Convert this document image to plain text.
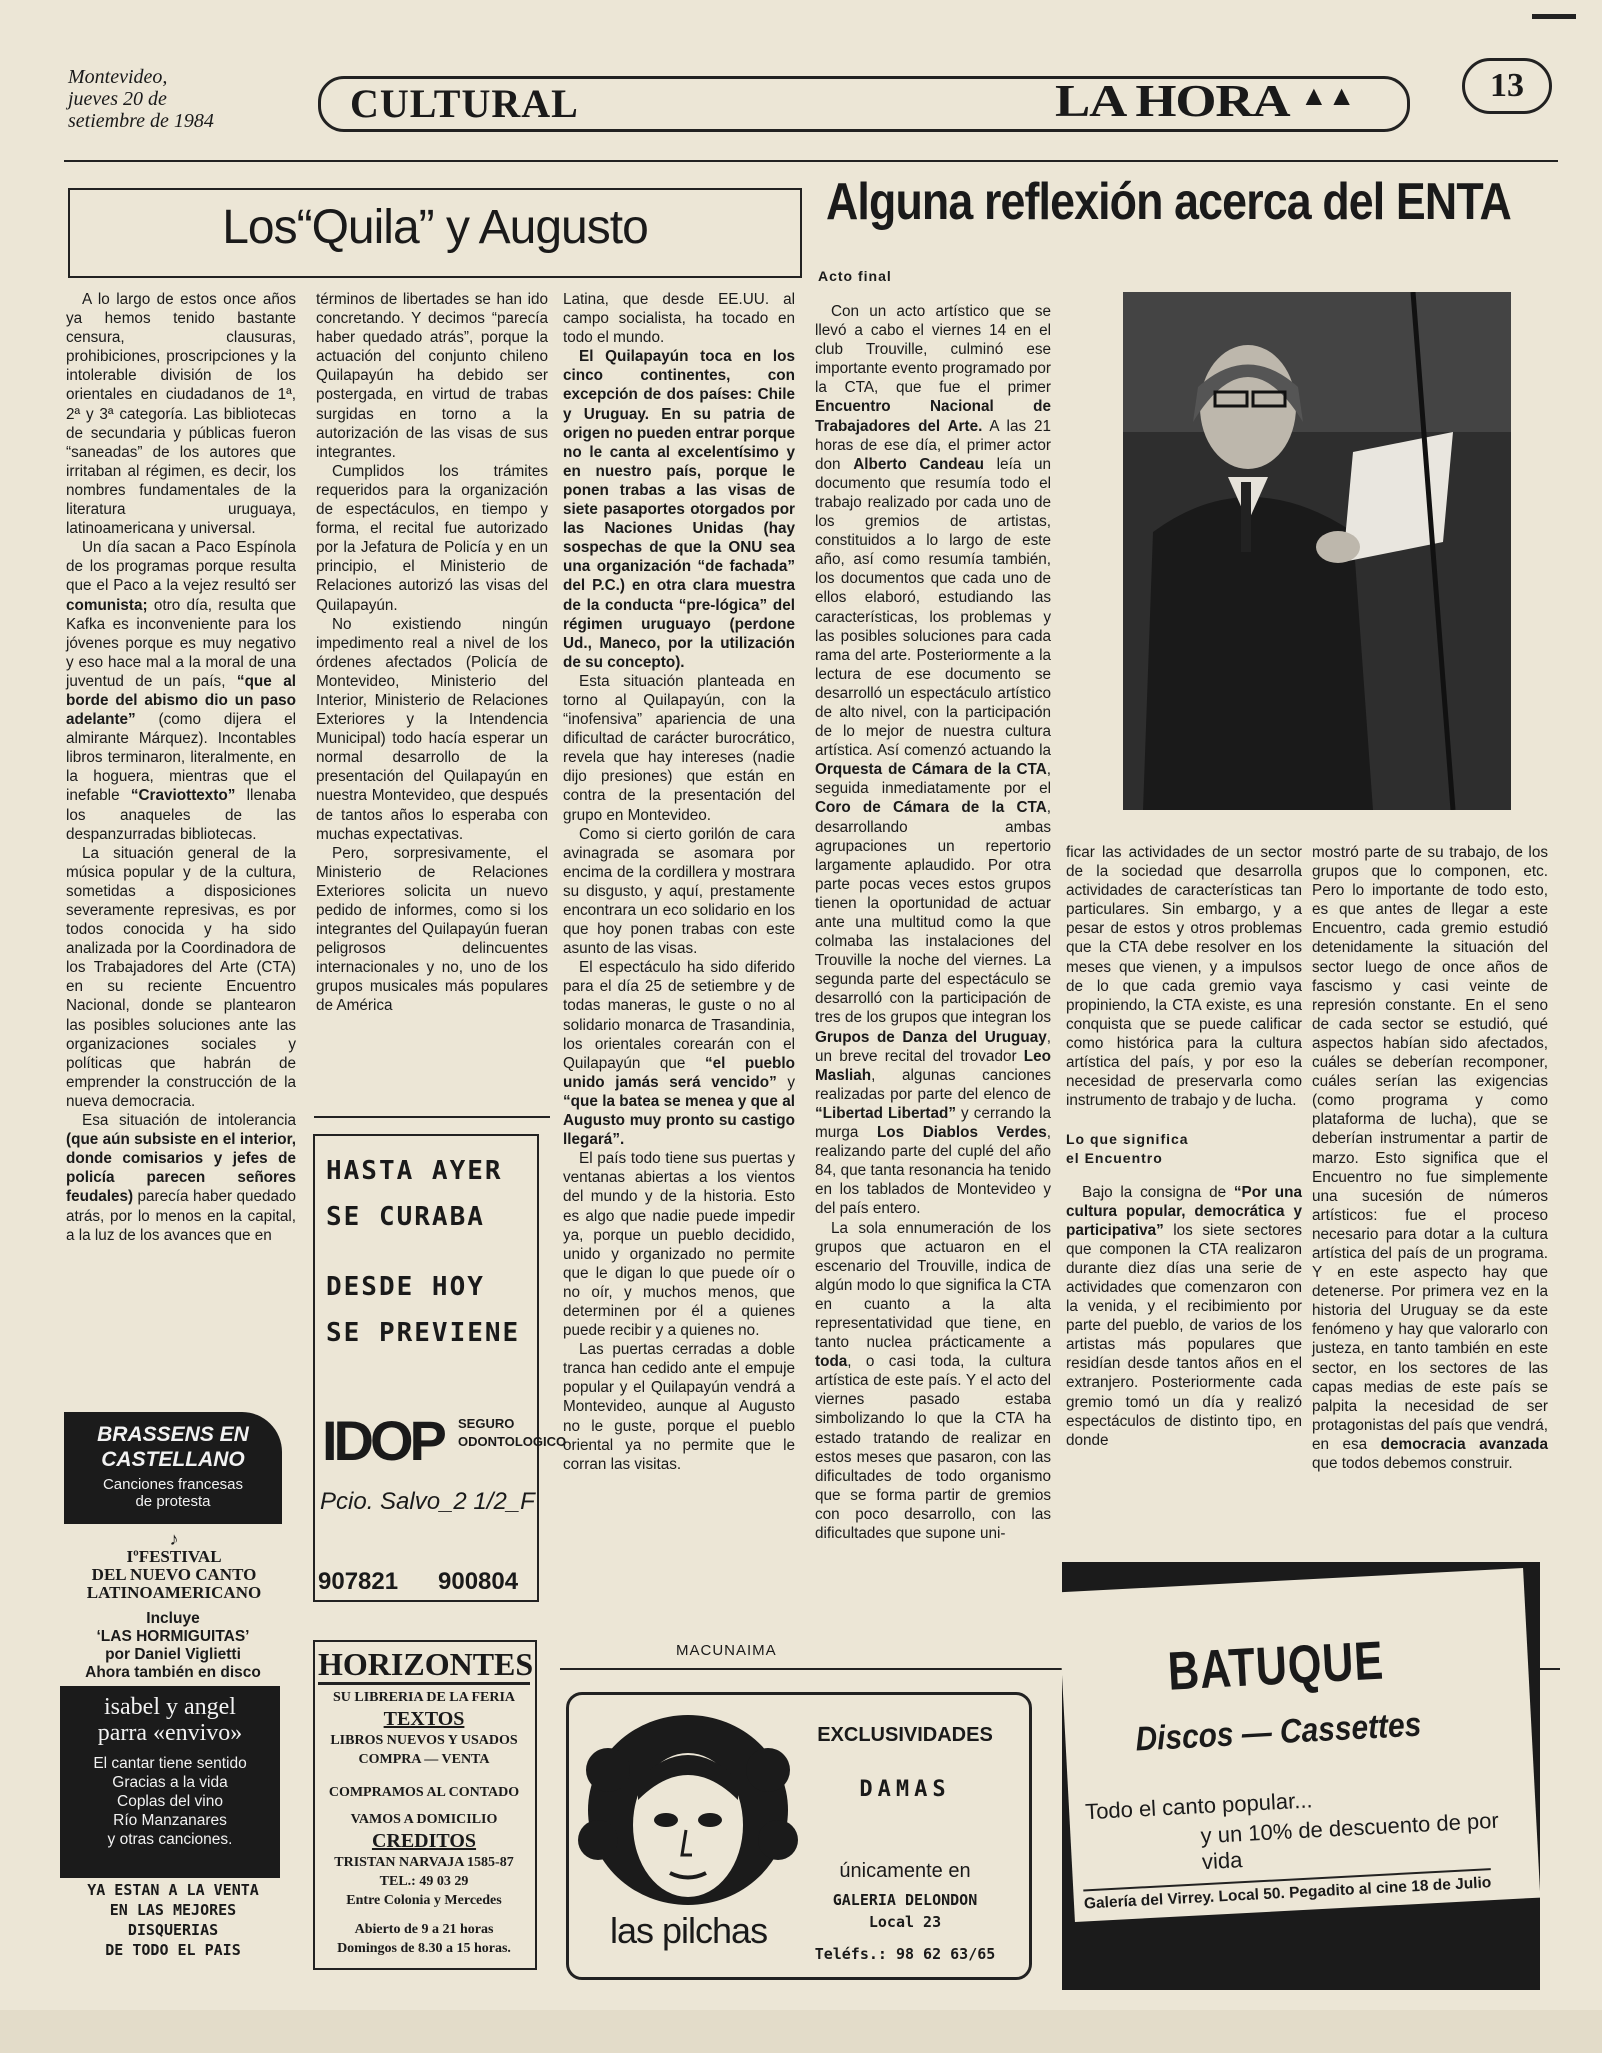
Montevideo,
jueves 20 de
setiembre de 1984	CULTURAL	LA HORA ▲▲	13
Los“Quila” y Augusto

A lo largo de estos once años ya hemos tenido bastante censura, clausuras, prohibiciones, proscripciones y la intolerable división de los orientales en ciudadanos de 1ª, 2ª y 3ª categoría. Las bibliotecas de secundaria y públicas fueron “saneadas” de los autores que irritaban al régimen, es decir, los nombres fundamentales de la literatura uruguaya, latinoamericana y universal.

Un día sacan a Paco Espínola de los programas porque resulta que el Paco a la vejez resultó ser comunista; otro día, resulta que Kafka es inconveniente para los jóvenes porque es muy negativo y eso hace mal a la moral de una juventud de un país, “que al borde del abismo dio un paso adelante” (como dijera el almirante Márquez). Incontables libros terminaron, literalmente, en la hoguera, mientras que el inefable “Craviottexto” llenaba los anaqueles de las despanzurradas bibliotecas.

La situación general de la música popular y de la cultura, sometidas a disposiciones severamente represivas, es por todos conocida y ha sido analizada por la Coordinadora de los Trabajadores del Arte (CTA) en su reciente Encuentro Nacional, donde se plantearon las posibles soluciones ante las organizaciones sociales y políticas que habrán de emprender la construcción de la nueva democracia.

Esa situación de intolerancia (que aún subsiste en el interior, donde comisarios y jefes de policía parecen señores feudales) parecía haber quedado atrás, por lo menos en la capital, a la luz de los avances que en

términos de libertades se han ido concretando. Y decimos “parecía haber quedado atrás”, porque la actuación del conjunto chileno Quilapayún ha debido ser postergada, en virtud de trabas surgidas en torno a la autorización de las visas de sus integrantes.

Cumplidos los trámites requeridos para la organización de espectáculos, en tiempo y forma, el recital fue autorizado por la Jefatura de Policía y en un principio, el Ministerio de Relaciones autorizó las visas del Quilapayún.

No existiendo ningún impedimento real a nivel de los órdenes afectados (Policía de Montevideo, Ministerio del Interior, Ministerio de Relaciones Exteriores y la Intendencia Municipal) todo hacía esperar un normal desarrollo de la presentación del Quilapayún en nuestra Montevideo, que después de tantos años lo esperaba con muchas expectativas.

Pero, sorpresivamente, el Ministerio de Relaciones Exteriores solicita un nuevo pedido de informes, como si los integrantes del Quilapayún fueran peligrosos delincuentes internacionales y no, uno de los grupos musicales más populares de América

Latina, que desde EE.UU. al campo socialista, ha tocado en todo el mundo.

El Quilapayún toca en los cinco continentes, con excepción de dos países: Chile y Uruguay. En su patria de origen no pueden entrar porque no le canta al excelentísimo y en nuestro país, porque le ponen trabas a las visas de siete pasaportes otorgados por las Naciones Unidas (hay sospechas de que la ONU sea una organización “de fachada” del P.C.) en otra clara muestra de la conducta “pre-lógica” del régimen uruguayo (perdone Ud., Maneco, por la utilización de su concepto).

Esta situación planteada en torno al Quilapayún, con la “inofensiva” apariencia de una dificultad de carácter burocrático, revela que hay intereses (nadie dijo presiones) que están en contra de la presentación del grupo en Montevideo.

Como si cierto gorilón de cara avinagrada se asomara por encima de la cordillera y mostrara su disgusto, y aquí, prestamente encontrara un eco solidario en los que hoy ponen trabas con este asunto de las visas.

El espectáculo ha sido diferido para el día 25 de setiembre y de todas maneras, le guste o no al solidario monarca de Trasandinia, los orientales corearán con el Quilapayún que “el pueblo unido jamás será vencido” y “que la batea se menea y que al Augusto muy pronto su castigo llegará”.

El país todo tiene sus puertas y ventanas abiertas a los vientos del mundo y de la historia. Esto es algo que nadie puede impedir ya, porque un pueblo decidido, unido y organizado no permite que le digan lo que puede oír o no oír, y muchos menos, que determinen por él a quienes puede recibir y a quienes no.

Las puertas cerradas a doble tranca han cedido ante el empuje popular y el Quilapayún vendrá a Montevideo, aunque al Augusto no le guste, porque el pueblo oriental ya no permite que le corran las visitas.

MACUNAIMA
Alguna reflexión acerca del ENTA
Acto final

Con un acto artístico que se llevó a cabo el viernes 14 en el club Trouville, culminó ese importante evento programado por la CTA, que fue el primer Encuentro Nacional de Trabajadores del Arte. A las 21 horas de ese día, el primer actor don Alberto Candeau leía un documento que resumía todo el trabajo realizado por cada uno de los gremios de artistas, constituidos a lo largo de este año, así como resumía también, los documentos que cada uno de ellos elaboró, estudiando las características, los problemas y las posibles soluciones para cada rama del arte. Posteriormente a la lectura de ese documento se desarrolló un espectáculo artístico de alto nivel, con la participación de lo mejor de nuestra cultura artística. Así comenzó actuando la Orquesta de Cámara de la CTA, seguida inmediatamente por el Coro de Cámara de la CTA, desarrollando ambas agrupaciones un repertorio largamente aplaudido. Por otra parte pocas veces estos grupos tienen la oportunidad de actuar ante una multitud como la que colmaba las instalaciones del Trouville la noche del viernes. La segunda parte del espectáculo se desarrolló con la participación de tres de los grupos que integran los Grupos de Danza del Uruguay, un breve recital del trovador Leo Masliah, algunas canciones realizadas por parte del elenco de “Libertad Libertad” y cerrando la murga Los Diablos Verdes, realizando parte del cuplé del año 84, que tanta resonancia ha tenido en los tablados de Montevideo y del país entero.

La sola ennumeración de los grupos que actuaron en el escenario del Trouville, indica de algún modo lo que significa la CTA en cuanto a la alta representatividad que tiene, en tanto nuclea prácticamente a toda, o casi toda, la cultura artística de este país. Y el acto del viernes pasado estaba simbolizando lo que la CTA ha estado tratando de realizar en estos meses que pasaron, con las dificultades de todo organismo que se forma partir de gremios con poco desarrollo, con las dificultades que supone uni-

ficar las actividades de un sector de la sociedad que desarrolla actividades de características tan particulares. Sin embargo, y a pesar de estos y otros problemas que la CTA debe resolver en los meses que vienen, y a impulsos de lo que cada gremio vaya propiniendo, la CTA existe, es una conquista que se puede calificar como histórica para la cultura artística del país, y por eso la necesidad de preservarla como instrumento de trabajo y de lucha.

Lo que significa
el Encuentro

Bajo la consigna de “Por una cultura popular, democrática y participativa” los siete sectores que componen la CTA realizaron durante diez días una serie de actividades que comenzaron con la venida, y el recibimiento por parte del pueblo, de varios de los artistas más populares que residían desde tantos años en el extranjero. Posteriormente cada gremio tomó un día y realizó espectáculos de distinto tipo, en donde

mostró parte de su trabajo, de los grupos que lo componen, etc. Pero lo importante de todo esto, es que antes de llegar a este Encuentro, cada gremio estudió detenidamente la situación del sector luego de once años de fascismo y casi veinte de represión constante. En el seno de cada sector se estudió, qué aspectos habían sido afectados, cuáles se deberían recomponer, cuáles serían las exigencias (como programa y como plataforma de lucha), que se deberían instrumentar a partir de marzo. Esto significa que el Encuentro no fue simplemente una sucesión de números artísticos: fue el proceso necesario para dotar a la cultura artística del país de un programa. Y en este aspecto hay que detenerse. Por primera vez en la historia del Uruguay se da este fenómeno y hay que valorarlo con justeza, en tanto también en este sector, en los sectores de las capas medias de este país se palpita la necesidad de ser protagonistas del país que vendrá, en esa democracia avanzada que todos debemos construir.

HASTA AYER
SE CURABA
DESDE HOY
SE PREVIENE
IDOP SEGURO
ODONTOLOGICO
Pcio. Salvo_2 1/2_F
907821 900804
HORIZONTES
SU LIBRERIA DE LA FERIA
TEXTOS
LIBROS NUEVOS Y USADOS
COMPRA — VENTA
COMPRAMOS AL CONTADO
VAMOS A DOMICILIO
CREDITOS
TRISTAN NARVAJA 1585-87
TEL.: 49 03 29
Entre Colonia y Mercedes
Abierto de 9 a 21 horas
Domingos de 8.30 a 15 horas.
BRASSENS EN
CASTELLANO
Canciones francesas
de protesta
♪
IºFESTIVAL
DEL NUEVO CANTO
LATINOAMERICANO
Incluye
‘LAS HORMIGUITAS’
por Daniel Viglietti
Ahora también en disco
isabel y angel
parra «envivo»
El cantar tiene sentido
Gracias a la vida
Coplas del vino
Río Manzanares
y otras canciones.
YA ESTAN A LA VENTA
EN LAS MEJORES
DISQUERIAS
DE TODO EL PAIS	las pilchas
EXCLUSIVIDADES
DAMAS
únicamente en
GALERIA DELONDON
Local 23
Teléfs.: 98 62 63/65
BATUQUE
Discos — Cassettes
Todo el canto popular...
y un 10% de descuento de por vida
Galería del Virrey. Local 50. Pegadito al cine 18 de Julio
